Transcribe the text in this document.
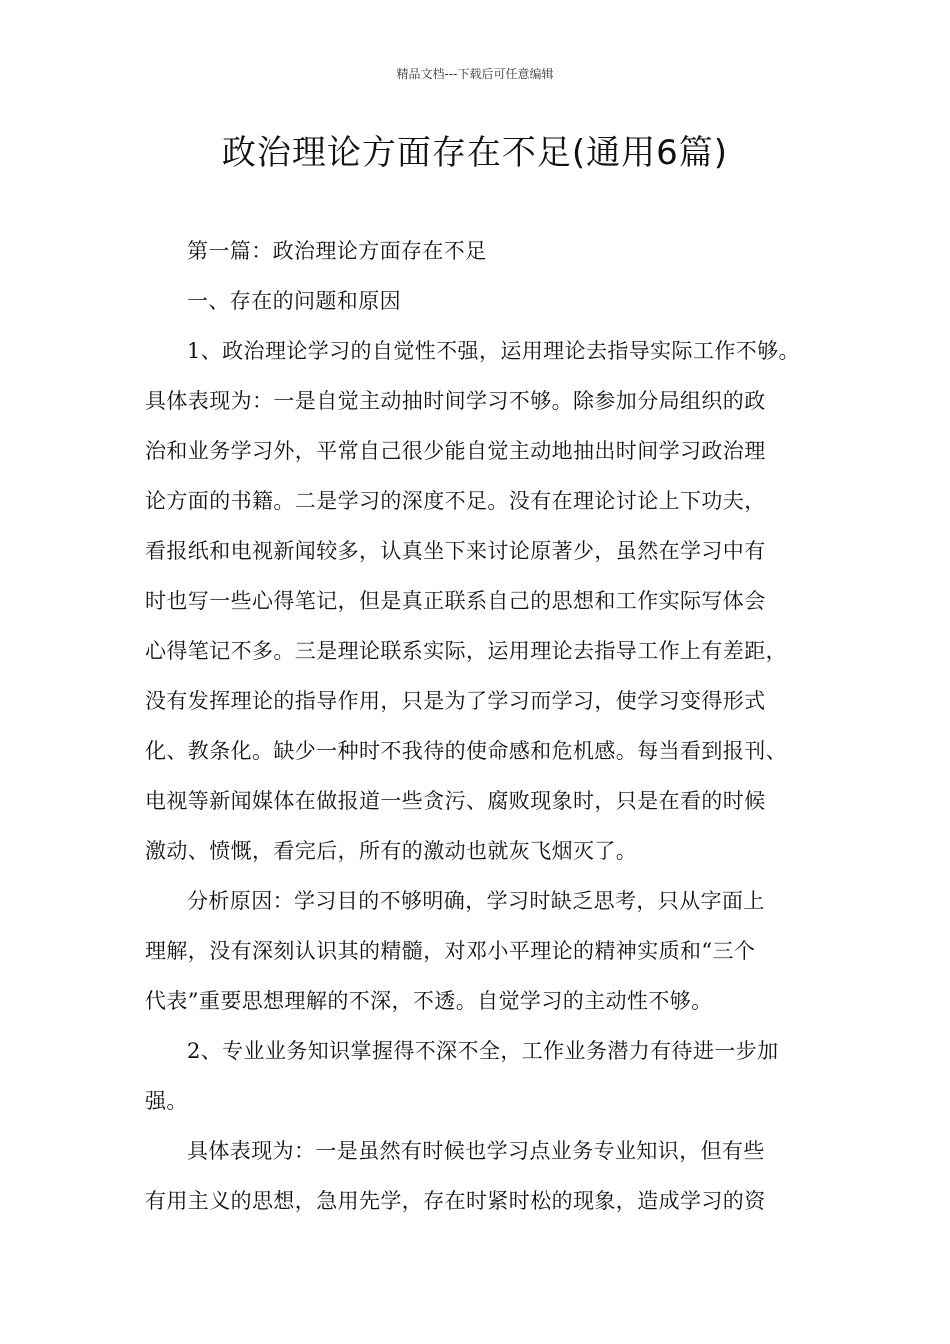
精品文档---下载后可任意编辑
政治理论方面存在不足(通用6篇)

第一篇：政治理论方面存在不足

一、存在的问题和原因

1、政治理论学习的自觉性不强，运用理论去指导实际工作不够。

具体表现为：一是自觉主动抽时间学习不够。除参加分局组织的政

治和业务学习外，平常自己很少能自觉主动地抽出时间学习政治理

论方面的书籍。二是学习的深度不足。没有在理论讨论上下功夫，

看报纸和电视新闻较多，认真坐下来讨论原著少，虽然在学习中有

时也写一些心得笔记，但是真正联系自己的思想和工作实际写体会

心得笔记不多。三是理论联系实际，运用理论去指导工作上有差距，

没有发挥理论的指导作用，只是为了学习而学习，使学习变得形式

化、教条化。缺少一种时不我待的使命感和危机感。每当看到报刊、

电视等新闻媒体在做报道一些贪污、腐败现象时，只是在看的时候

激动、愤慨，看完后，所有的激动也就灰飞烟灭了。

分析原因：学习目的不够明确，学习时缺乏思考，只从字面上

理解，没有深刻认识其的精髓，对邓小平理论的精神实质和“三个

代表”重要思想理解的不深，不透。自觉学习的主动性不够。

2、专业业务知识掌握得不深不全，工作业务潜力有待进一步加

强。

具体表现为：一是虽然有时候也学习点业务专业知识，但有些

有用主义的思想，急用先学，存在时紧时松的现象，造成学习的资
